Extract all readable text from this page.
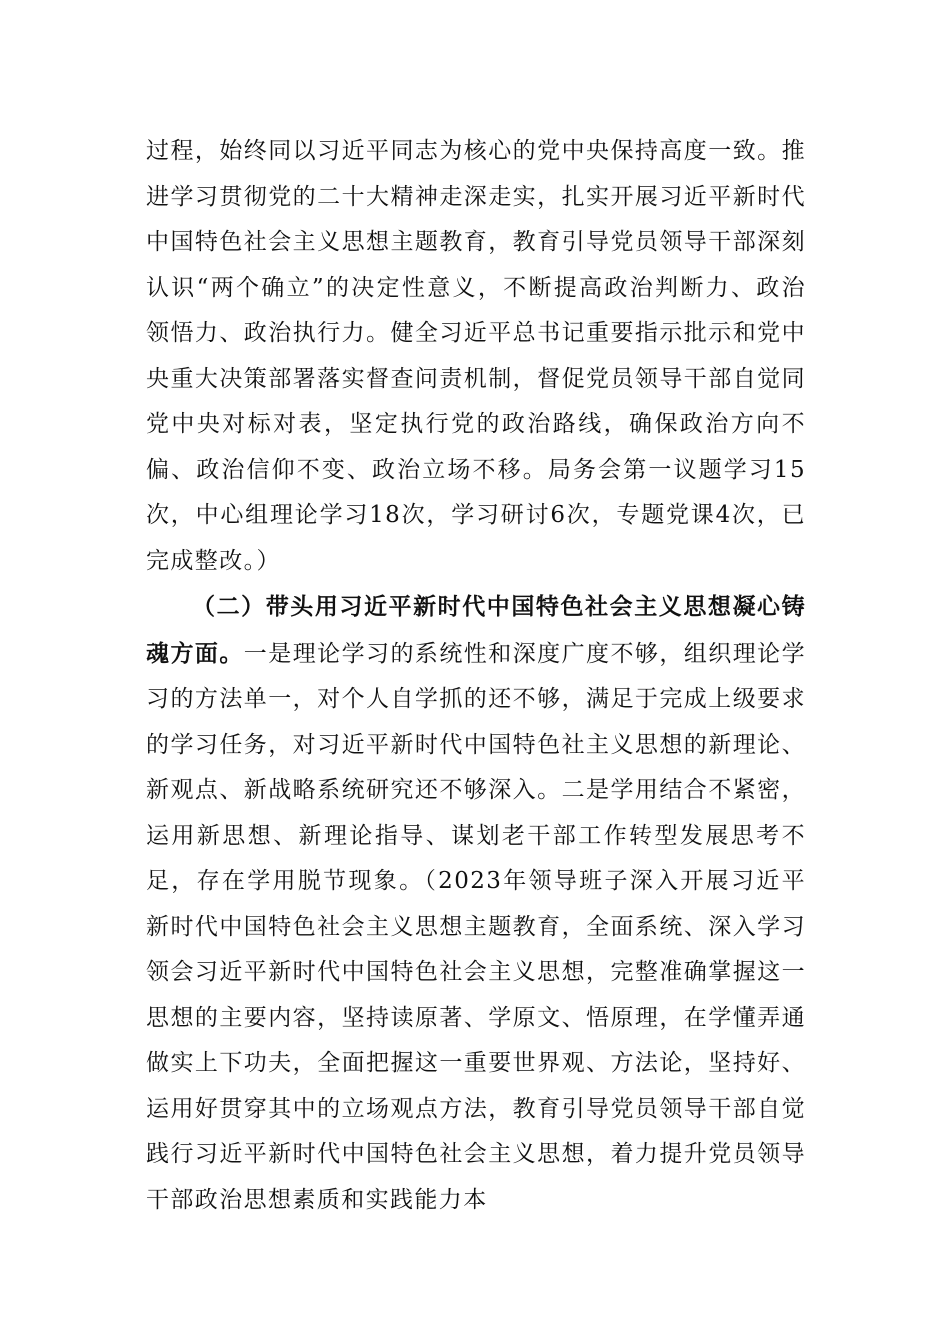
过程，始终同以习近平同志为核心的党中央保持高度一致。推进学习贯彻党的二十大精神走深走实，扎实开展习近平新时代中国特色社会主义思想主题教育，教育引导党员领导干部深刻认识“两个确立”的决定性意义，不断提高政治判断力、政治领悟力、政治执行力。健全习近平总书记重要指示批示和党中央重大决策部署落实督查问责机制，督促党员领导干部自觉同党中央对标对表，坚定执行党的政治路线，确保政治方向不偏、政治信仰不变、政治立场不移。局务会第一议题学习15次，中心组理论学习18次，学习研讨6次，专题党课4次，已完成整改。）

（二）带头用习近平新时代中国特色社会主义思想凝心铸魂方面。一是理论学习的系统性和深度广度不够，组织理论学习的方法单一，对个人自学抓的还不够，满足于完成上级要求的学习任务，对习近平新时代中国特色社主义思想的新理论、新观点、新战略系统研究还不够深入。二是学用结合不紧密，运用新思想、新理论指导、谋划老干部工作转型发展思考不足，存在学用脱节现象。（2023年领导班子深入开展习近平新时代中国特色社会主义思想主题教育，全面系统、深入学习领会习近平新时代中国特色社会主义思想，完整准确掌握这一思想的主要内容，坚持读原著、学原文、悟原理，在学懂弄通做实上下功夫，全面把握这一重要世界观、方法论，坚持好、运用好贯穿其中的立场观点方法，教育引导党员领导干部自觉践行习近平新时代中国特色社会主义思想，着力提升党员领导干部政治思想素质和实践能力本
